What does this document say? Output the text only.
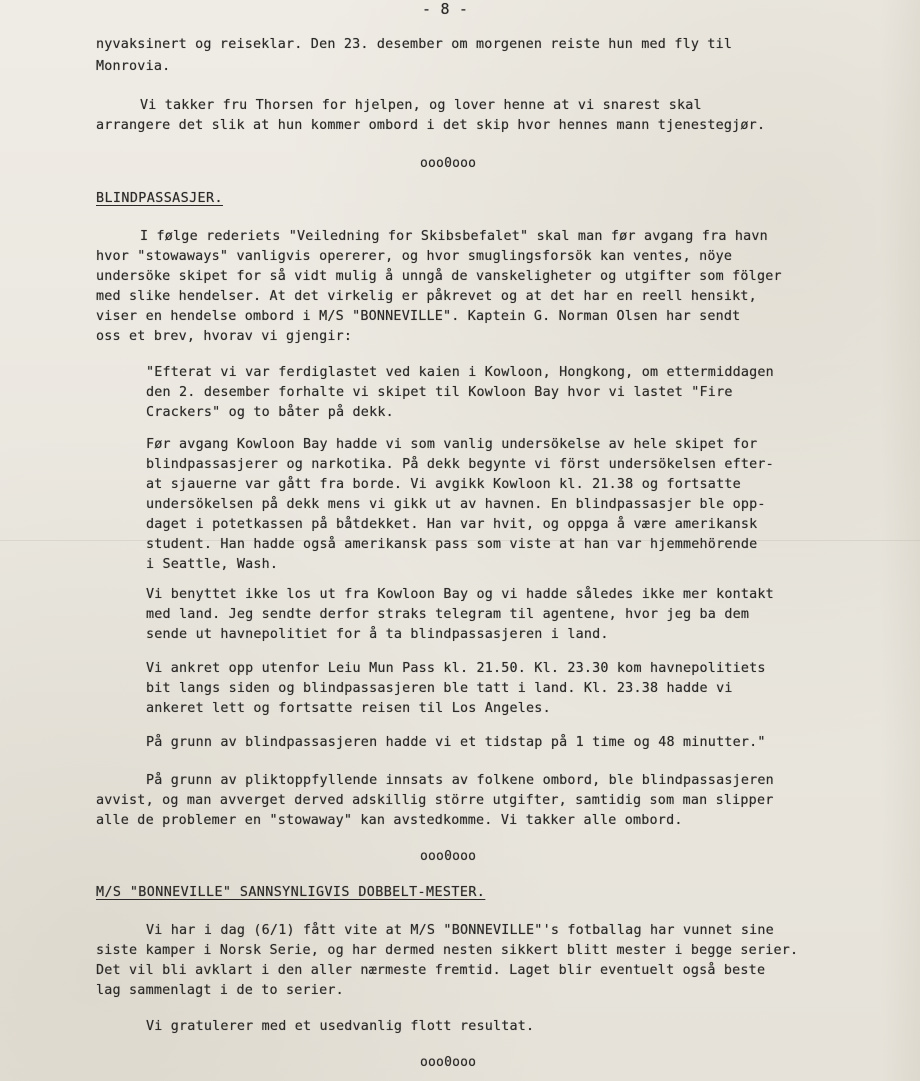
- 8 -
nyvaksinert og reiseklar. Den 23. desember om morgenen reiste hun med fly til
Monrovia.
Vi takker fru Thorsen for hjelpen, og lover henne at vi snarest skal
arrangere det slik at hun kommer ombord i det skip hvor hennes mann tjenestegjør.
ooo0ooo
BLINDPASSASJER.
I følge rederiets "Veiledning for Skibsbefalet" skal man før avgang fra havn
hvor "stowaways" vanligvis opererer, og hvor smuglingsforsök kan ventes, nöye
undersöke skipet for så vidt mulig å unngå de vanskeligheter og utgifter som fölger
med slike hendelser. At det virkelig er påkrevet og at det har en reell hensikt,
viser en hendelse ombord i M/S "BONNEVILLE". Kaptein G. Norman Olsen har sendt
oss et brev, hvorav vi gjengir:
"Efterat vi var ferdiglastet ved kaien i Kowloon, Hongkong, om ettermiddagen
den 2. desember forhalte vi skipet til Kowloon Bay hvor vi lastet "Fire
Crackers" og to båter på dekk.
Før avgang Kowloon Bay hadde vi som vanlig undersökelse av hele skipet for
blindpassasjerer og narkotika. På dekk begynte vi först undersökelsen efter-
at sjauerne var gått fra borde. Vi avgikk Kowloon kl. 21.38 og fortsatte
undersökelsen på dekk mens vi gikk ut av havnen. En blindpassasjer ble opp-
daget i potetkassen på båtdekket. Han var hvit, og oppga å være amerikansk
student. Han hadde også amerikansk pass som viste at han var hjemmehörende
i Seattle, Wash.
Vi benyttet ikke los ut fra Kowloon Bay og vi hadde således ikke mer kontakt
med land. Jeg sendte derfor straks telegram til agentene, hvor jeg ba dem
sende ut havnepolitiet for å ta blindpassasjeren i land.
Vi ankret opp utenfor Leiu Mun Pass kl. 21.50. Kl. 23.30 kom havnepolitiets
bit langs siden og blindpassasjeren ble tatt i land. Kl. 23.38 hadde vi
ankeret lett og fortsatte reisen til Los Angeles.
På grunn av blindpassasjeren hadde vi et tidstap på 1 time og 48 minutter."
På grunn av pliktoppfyllende innsats av folkene ombord, ble blindpassasjeren
avvist, og man avverget derved adskillig större utgifter, samtidig som man slipper
alle de problemer en "stowaway" kan avstedkomme. Vi takker alle ombord.
ooo0ooo
M/S "BONNEVILLE" SANNSYNLIGVIS DOBBELT-MESTER.
Vi har i dag (6/1) fått vite at M/S "BONNEVILLE"'s fotballag har vunnet sine
siste kamper i Norsk Serie, og har dermed nesten sikkert blitt mester i begge serier.
Det vil bli avklart i den aller nærmeste fremtid. Laget blir eventuelt også beste
lag sammenlagt i de to serier.
Vi gratulerer med et usedvanlig flott resultat.
ooo0ooo
